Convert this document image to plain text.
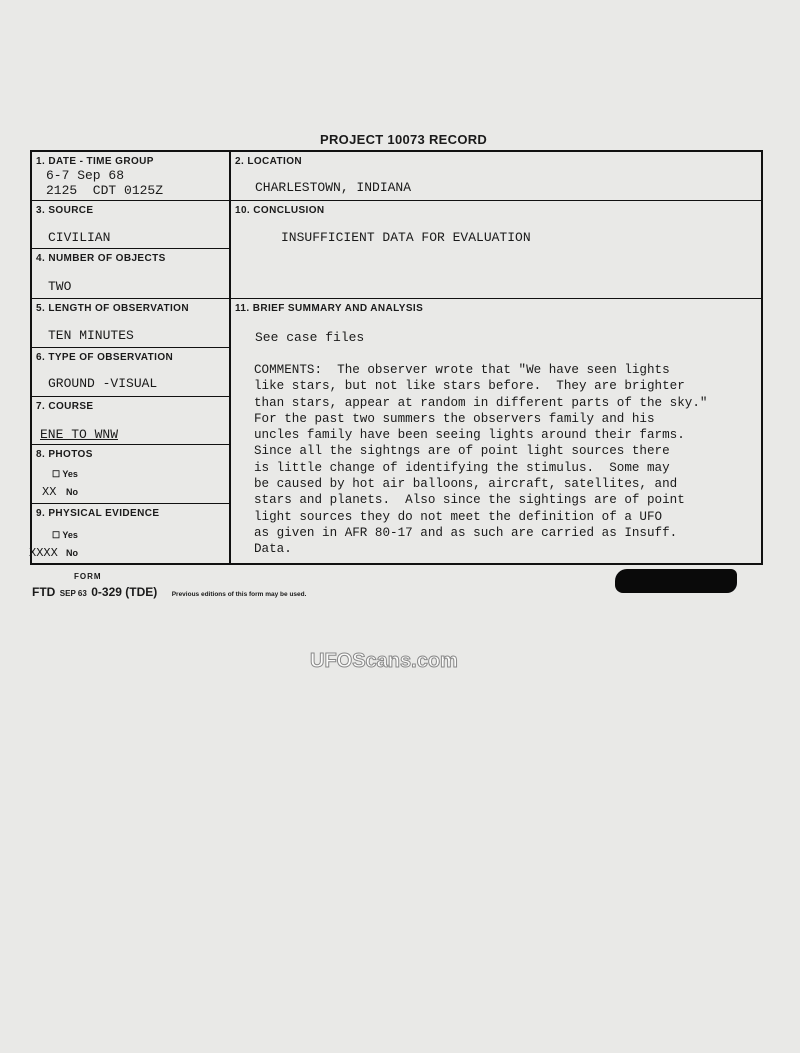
PROJECT 10073 RECORD
1. DATE - TIME GROUP
6-7 Sep 68
2125  CDT 0125Z
3. SOURCE
CIVILIAN
4. NUMBER OF OBJECTS
TWO
5. LENGTH OF OBSERVATION
TEN MINUTES
6. TYPE OF OBSERVATION
GROUND -VISUAL
7. COURSE
ENE TO WNW
8. PHOTOS
☐ Yes
XX No
9. PHYSICAL EVIDENCE
☐ Yes
XXXX No
2. LOCATION
CHARLESTOWN, INDIANA
10. CONCLUSION
INSUFFICIENT DATA FOR EVALUATION
11. BRIEF SUMMARY AND ANALYSIS
See case files
COMMENTS:  The observer wrote that "We have seen lights
like stars, but not like stars before.  They are brighter
than stars, appear at random in different parts of the sky."
For the past two summers the observers family and his
uncles family have been seeing lights around their farms.
Since all the sightngs are of point light sources there
is little change of identifying the stimulus.  Some may
be caused by hot air balloons, aircraft, satellites, and
stars and planets.  Also since the sightings are of point
light sources they do not meet the definition of a UFO
as given in AFR 80-17 and as such are carried as Insuff.
Data.
FORM
FTD SEP 63 0-329 (TDE) Previous editions of this form may be used.
UFOScans.com
